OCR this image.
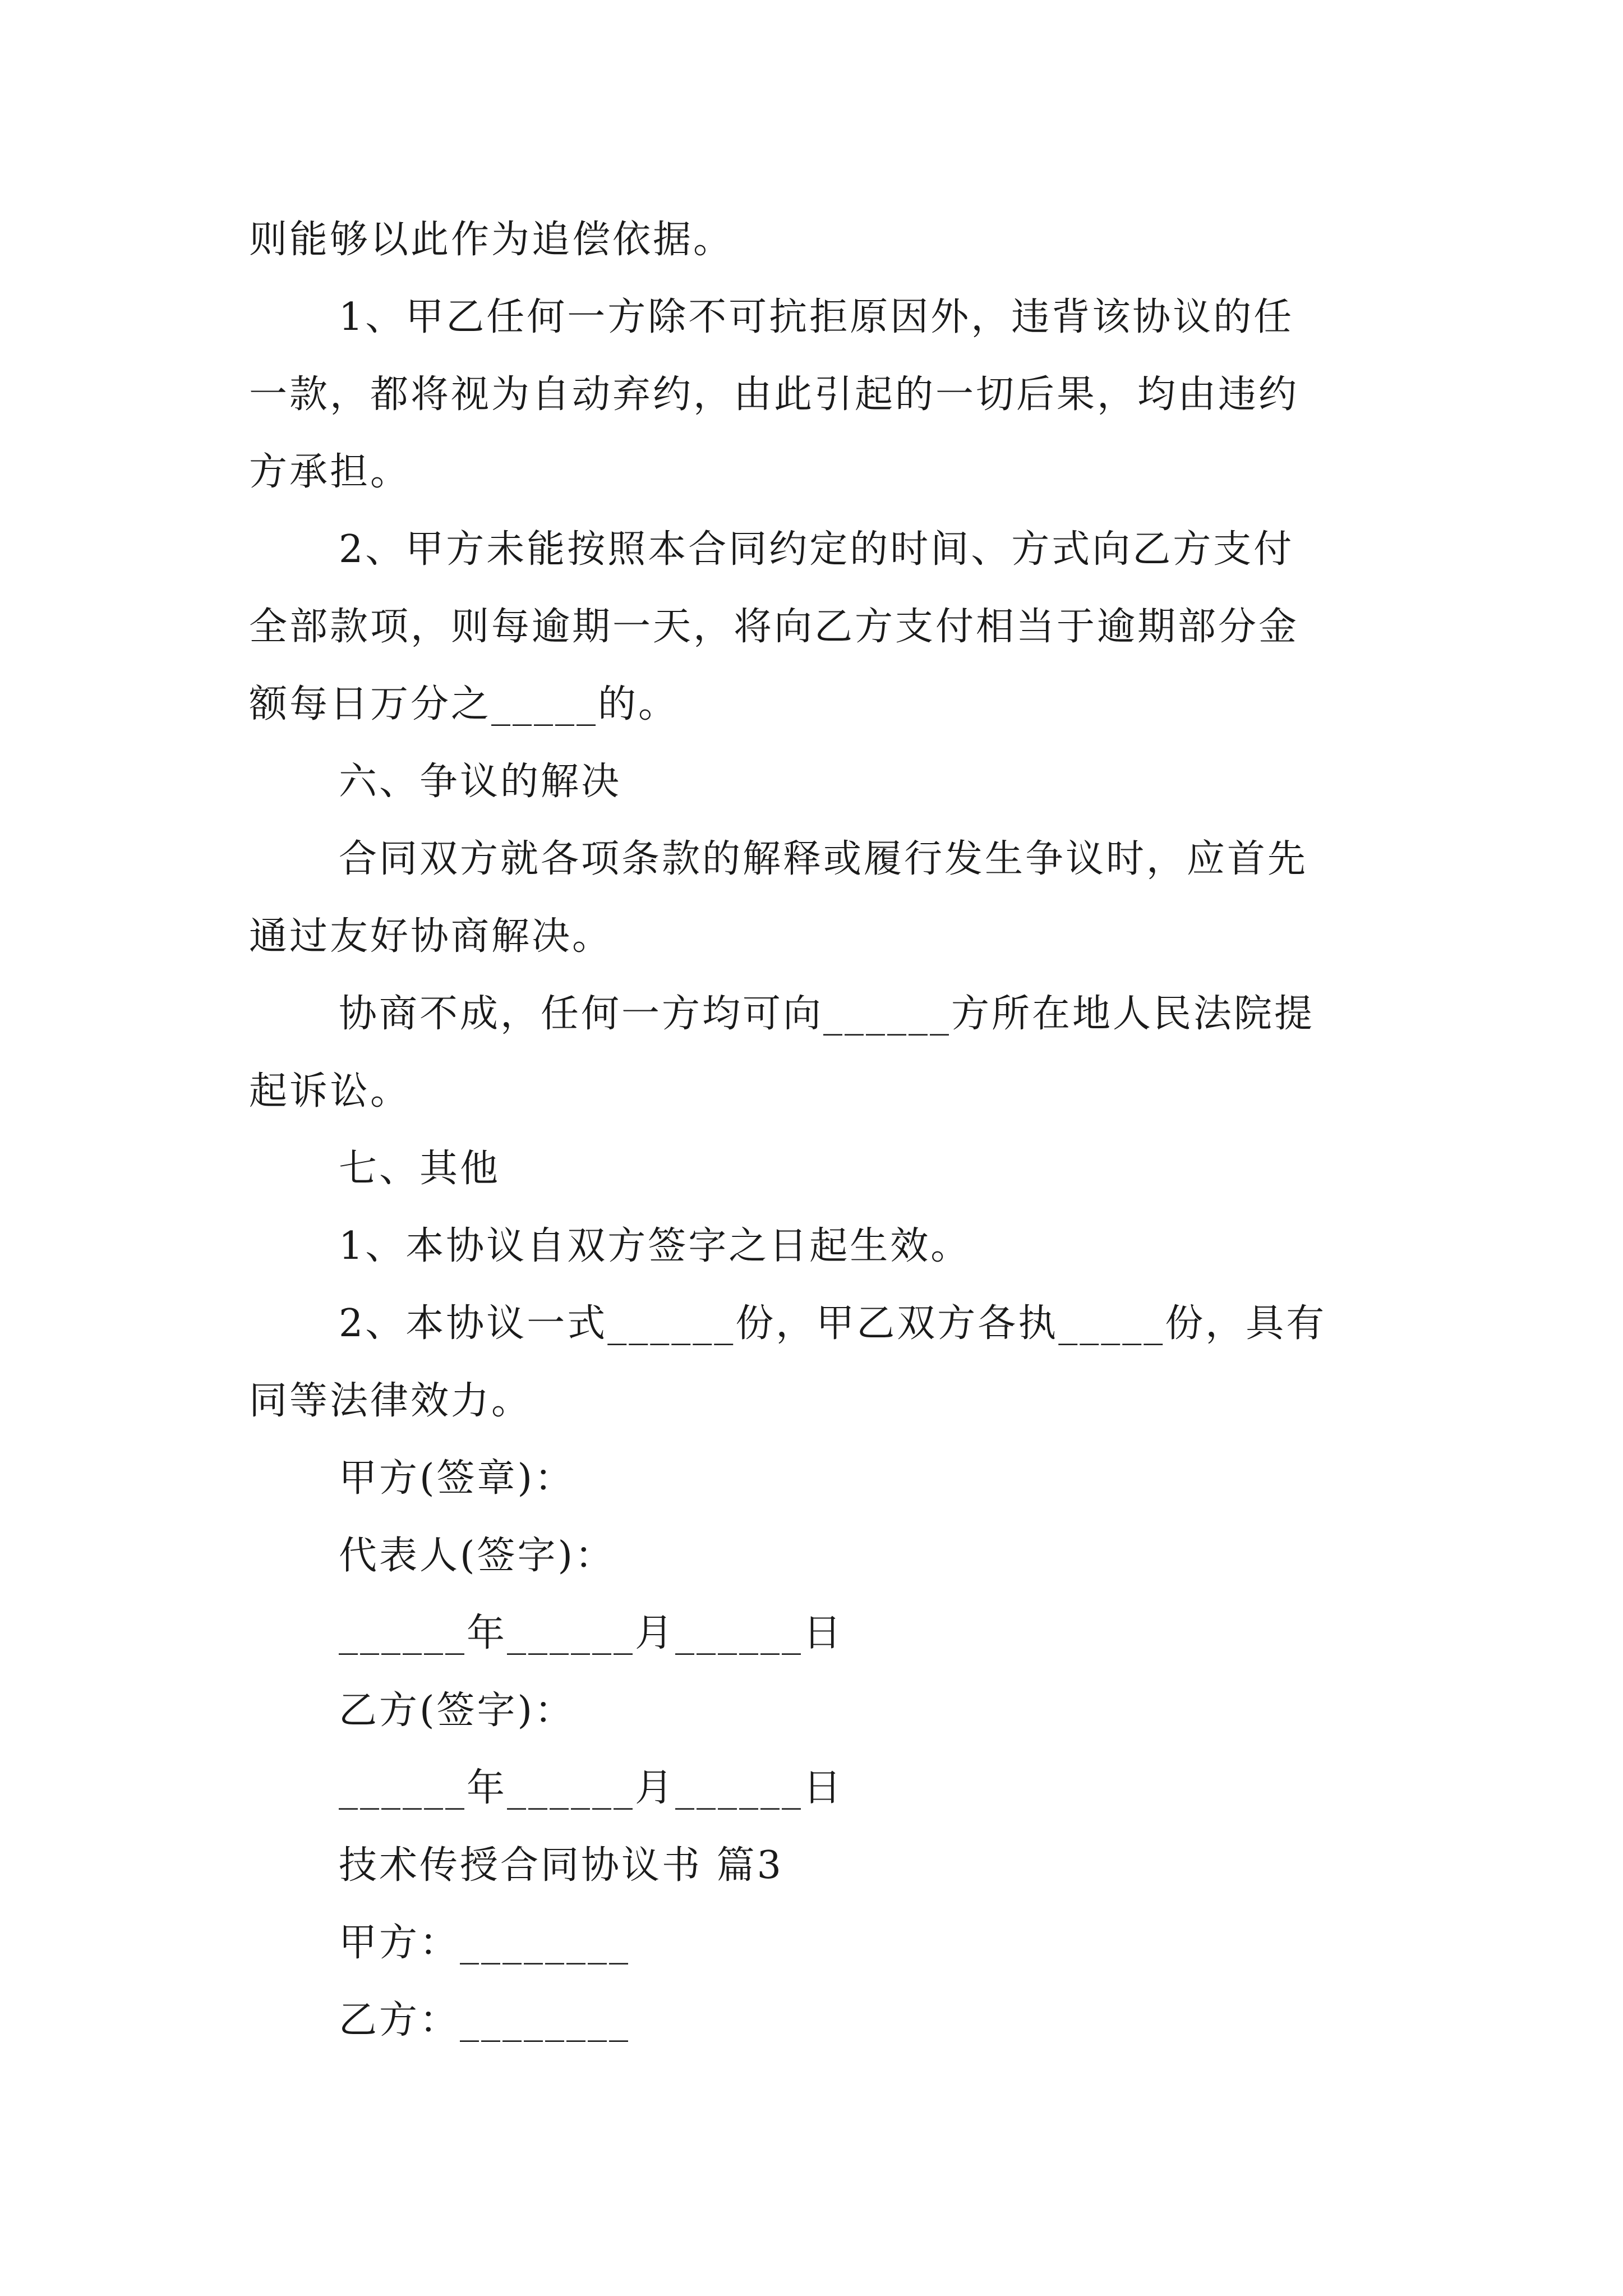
则能够以此作为追偿依据。
1、甲乙任何一方除不可抗拒原因外，违背该协议的任
一款，都将视为自动弃约，由此引起的一切后果，均由违约
方承担。
2、甲方未能按照本合同约定的时间、方式向乙方支付
全部款项，则每逾期一天，将向乙方支付相当于逾期部分金
额每日万分之_____的。
六、争议的解决
合同双方就各项条款的解释或履行发生争议时，应首先
通过友好协商解决。
协商不成，任何一方均可向______方所在地人民法院提
起诉讼。
七、其他
1、本协议自双方签字之日起生效。
2、本协议一式______份，甲乙双方各执_____份，具有
同等法律效力。
甲方(签章)：
代表人(签字)：
______年______月______日
乙方(签字)：
______年______月______日
技术传授合同协议书 篇3
甲方：________
乙方：________
